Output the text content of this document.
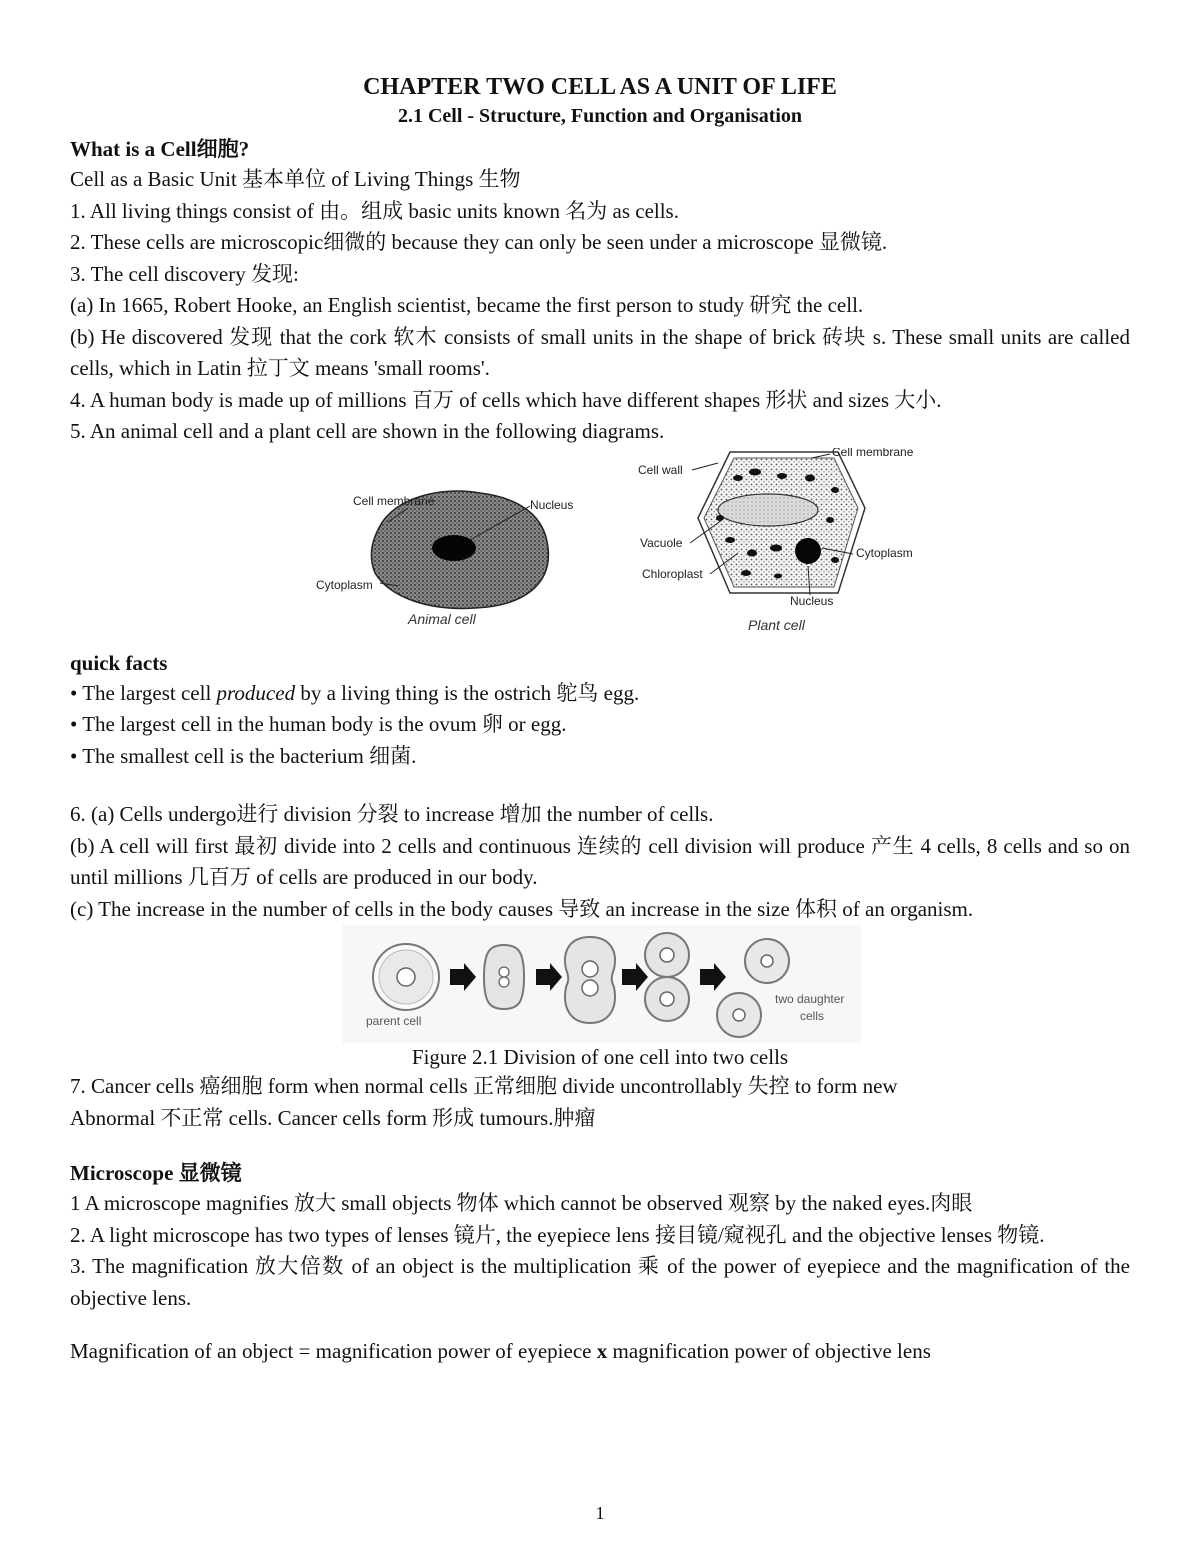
CHAPTER TWO CELL AS A UNIT OF LIFE

2.1 Cell - Structure, Function and Organisation

What is a Cell细胞?

Cell as a Basic Unit 基本单位 of Living Things 生物

1. All living things consist of 由。组成 basic units known 名为 as cells.

2. These cells are microscopic细微的 because they can only be seen under a microscope 显微镜.

3. The cell discovery 发现:

(a) In 1665, Robert Hooke, an English scientist, became the first person to study 研究 the cell.

(b) He discovered 发现 that the cork 软木 consists of small units in the shape of brick 砖块 s. These small units are called cells, which in Latin 拉丁文 means 'small rooms'.

4. A human body is made up of millions 百万 of cells which have different shapes 形状 and sizes 大小.

5. An animal cell and a plant cell are shown in the following diagrams.

Cell membrane	Nucleus
Cytoplasm
Animal cell
Cell wall
Cell membrane
Vacuole
Chloroplast
Cytoplasm
Nucleus
Plant cell

quick facts

• The largest cell produced by a living thing is the ostrich 鸵鸟 egg.

• The largest cell in the human body is the ovum 卵 or egg.

• The smallest cell is the bacterium 细菌.

6. (a) Cells undergo进行 division 分裂 to increase 增加 the number of cells.

(b) A cell will first 最初 divide into 2 cells and continuous 连续的 cell division will produce 产生 4 cells, 8 cells and so on until millions 几百万 of cells are produced in our body.

(c) The increase in the number of cells in the body causes 导致 an increase in the size 体积 of an organism.

parent cell
two daughter
cells

Figure 2.1 Division of one cell into two cells

7. Cancer cells 癌细胞 form when normal cells 正常细胞 divide uncontrollably 失控 to form new

Abnormal 不正常 cells. Cancer cells form 形成 tumours.肿瘤

Microscope 显微镜

1 A microscope magnifies 放大 small objects 物体 which cannot be observed 观察 by the naked eyes.肉眼

2. A light microscope has two types of lenses 镜片, the eyepiece lens 接目镜/窥视孔 and the objective lenses 物镜.

3. The magnification 放大倍数 of an object is the multiplication 乘 of the power of eyepiece and the magnification of the objective lens.

Magnification of an object = magnification power of eyepiece x magnification power of objective lens

1
